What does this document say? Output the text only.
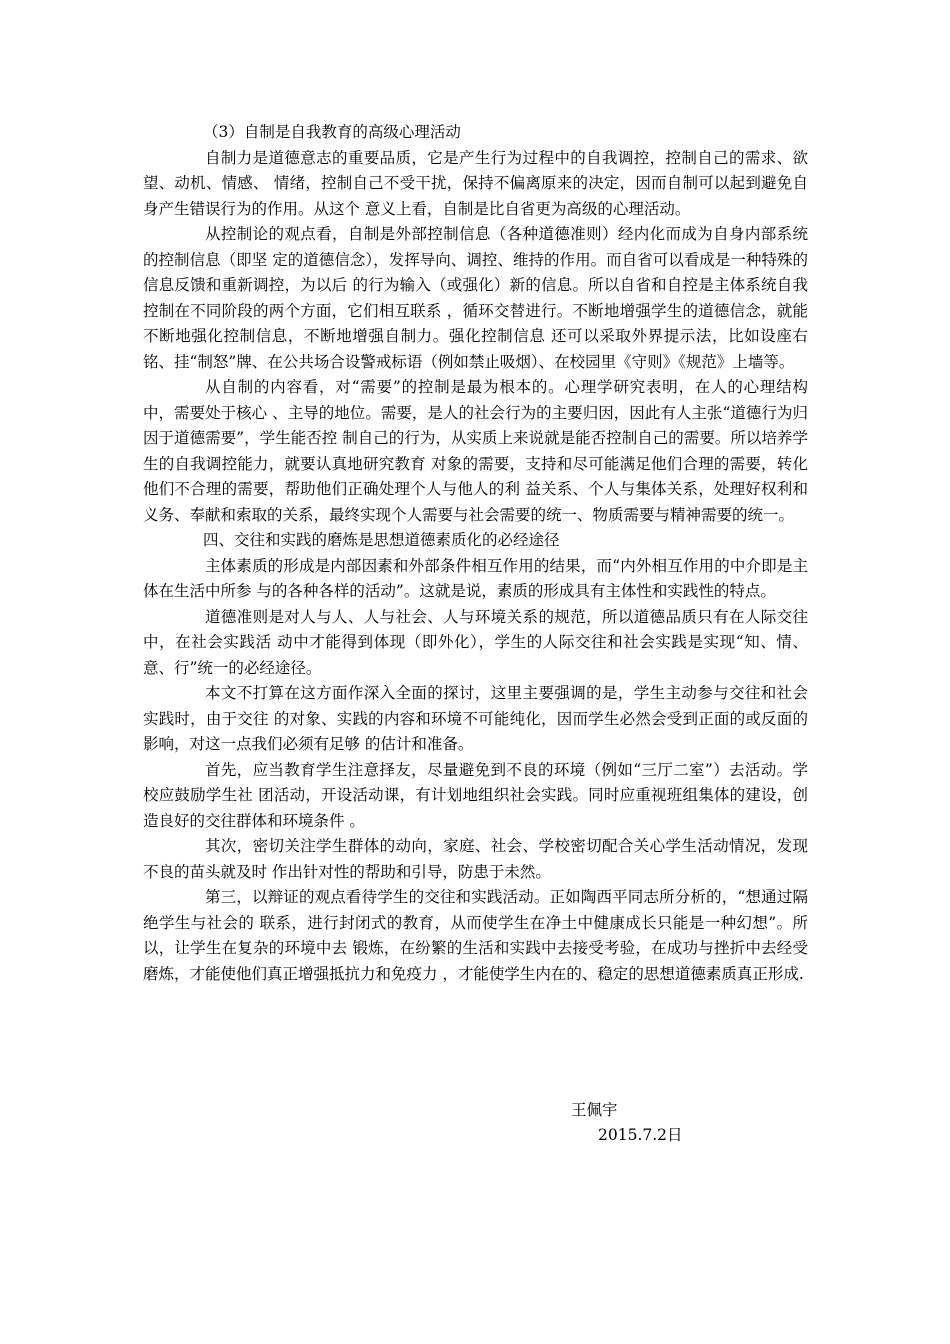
（3）自制是自我教育的高级心理活动

自制力是道德意志的重要品质，它是产生行为过程中的自我调控，控制自己的需求、欲望、动机、情感、 情绪，控制自己不受干扰，保持不偏离原来的决定，因而自制可以起到避免自身产生错误行为的作用。从这个 意义上看，自制是比自省更为高级的心理活动。

从控制论的观点看，自制是外部控制信息（各种道德准则）经内化而成为自身内部系统的控制信息（即坚 定的道德信念），发挥导向、调控、维持的作用。而自省可以看成是一种特殊的信息反馈和重新调控，为以后 的行为输入（或强化）新的信息。所以自省和自控是主体系统自我控制在不同阶段的两个方面，它们相互联系 ，循环交替进行。不断地增强学生的道德信念，就能不断地强化控制信息，不断地增强自制力。强化控制信息 还可以采取外界提示法，比如设座右铭、挂“制怒”牌、在公共场合设警戒标语（例如禁止吸烟）、在校园里《守则》《规范》上墙等。

从自制的内容看，对“需要”的控制是最为根本的。心理学研究表明，在人的心理结构中，需要处于核心 、主导的地位。需要，是人的社会行为的主要归因，因此有人主张“道德行为归因于道德需要”，学生能否控 制自己的行为，从实质上来说就是能否控制自己的需要。所以培养学生的自我调控能力，就要认真地研究教育 对象的需要，支持和尽可能满足他们合理的需要，转化他们不合理的需要，帮助他们正确处理个人与他人的利 益关系、个人与集体关系，处理好权利和义务、奉献和索取的关系，最终实现个人需要与社会需要的统一、物质需要与精神需要的统一。

四、交往和实践的磨炼是思想道德素质化的必经途径

主体素质的形成是内部因素和外部条件相互作用的结果，而“内外相互作用的中介即是主体在生活中所参 与的各种各样的活动”。这就是说，素质的形成具有主体性和实践性的特点。

道德准则是对人与人、人与社会、人与环境关系的规范，所以道德品质只有在人际交往中，在社会实践活 动中才能得到体现（即外化），学生的人际交往和社会实践是实现“知、情、意、行”统一的必经途径。

本文不打算在这方面作深入全面的探讨，这里主要强调的是，学生主动参与交往和社会实践时，由于交往 的对象、实践的内容和环境不可能纯化，因而学生必然会受到正面的或反面的影响，对这一点我们必须有足够 的估计和准备。

首先，应当教育学生注意择友，尽量避免到不良的环境（例如“三厅二室”）去活动。学校应鼓励学生社 团活动，开设活动课，有计划地组织社会实践。同时应重视班组集体的建设，创造良好的交往群体和环境条件 。

其次，密切关注学生群体的动向，家庭、社会、学校密切配合关心学生活动情况，发现不良的苗头就及时 作出针对性的帮助和引导，防患于未然。

第三，以辩证的观点看待学生的交往和实践活动。正如陶西平同志所分析的，“想通过隔绝学生与社会的 联系，进行封闭式的教育，从而使学生在净土中健康成长只能是一种幻想”。所以，让学生在复杂的环境中去 锻炼，在纷繁的生活和实践中去接受考验，在成功与挫折中去经受磨炼，才能使他们真正增强抵抗力和免疫力 ，才能使学生内在的、稳定的思想道德素质真正形成.

王佩宇
2015.7.2日
